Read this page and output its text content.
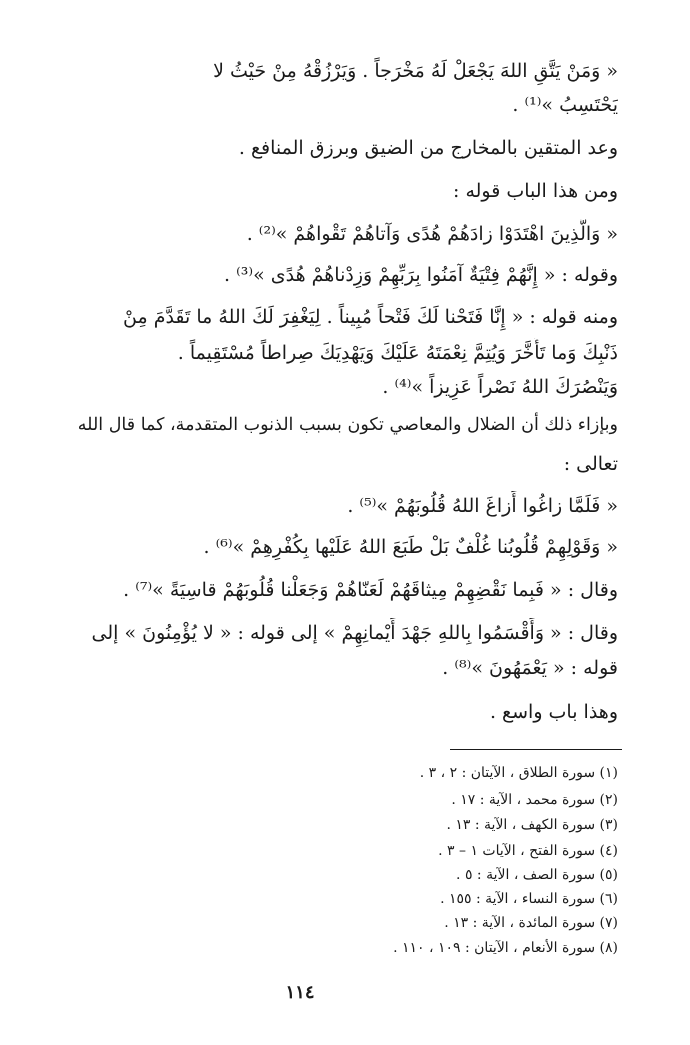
« وَمَنْ يَتَّقِ اللهَ يَجْعَلْ لَهُ مَخْرَجاً . وَيَرْزُقْهُ مِنْ حَيْثُ لا
يَحْتَسِبُ »⁽¹⁾ .
وعد المتقين بالمخارج من الضيق وبرزق المنافع .
ومن هذا الباب قوله :
« وَالَّذِينَ اهْتَدَوْا زادَهُمْ هُدًى وَآتاهُمْ تَقْواهُمْ »⁽²⁾ .
وقوله : « إِنَّهُمْ فِتْيَةٌ آمَنُوا بِرَبِّهِمْ وَزِدْناهُمْ هُدًى »⁽³⁾ .
ومنه قوله : « إِنَّا فَتَحْنا لَكَ فَتْحاً مُبِيناً . لِيَغْفِرَ لَكَ اللهُ ما تَقَدَّمَ مِنْ
ذَنْبِكَ وَما تَأَخَّرَ وَيُتِمَّ نِعْمَتَهُ عَلَيْكَ وَيَهْدِيَكَ صِراطاً مُسْتَقِيماً .
وَيَنْصُرَكَ اللهُ نَصْراً عَزِيزاً »⁽⁴⁾ .
وبإزاء ذلك أن الضلال والمعاصي تكون بسبب الذنوب المتقدمة، كما قال الله
تعالى :
« فَلَمَّا زاغُوا أَزاغَ اللهُ قُلُوبَهُمْ »⁽⁵⁾ .
« وَقَوْلِهِمْ قُلُوبُنا غُلْفٌ بَلْ طَبَعَ اللهُ عَلَيْها بِكُفْرِهِمْ »⁽⁶⁾ .
وقال : « فَبِما نَقْضِهِمْ مِيثاقَهُمْ لَعَنّاهُمْ وَجَعَلْنا قُلُوبَهُمْ قاسِيَةً »⁽⁷⁾ .
وقال : « وَأَقْسَمُوا بِاللهِ جَهْدَ أَيْمانِهِمْ » إلى قوله : « لا يُؤْمِنُونَ » إلى
قوله : « يَعْمَهُونَ »⁽⁸⁾ .
وهذا باب واسع .
(١) سورة الطلاق ، الآيتان : ٢ ، ٣ .
(٢) سورة محمد ، الآية : ١٧ .
(٣) سورة الكهف ، الآية : ١٣ .
(٤) سورة الفتح ، الآيات ١ – ٣ .
(٥) سورة الصف ، الآية : ٥ .
(٦) سورة النساء ، الآية : ١٥٥ .
(٧) سورة المائدة ، الآية : ١٣ .
(٨) سورة الأنعام ، الآيتان : ١٠٩ ، ١١٠ .
١١٤
